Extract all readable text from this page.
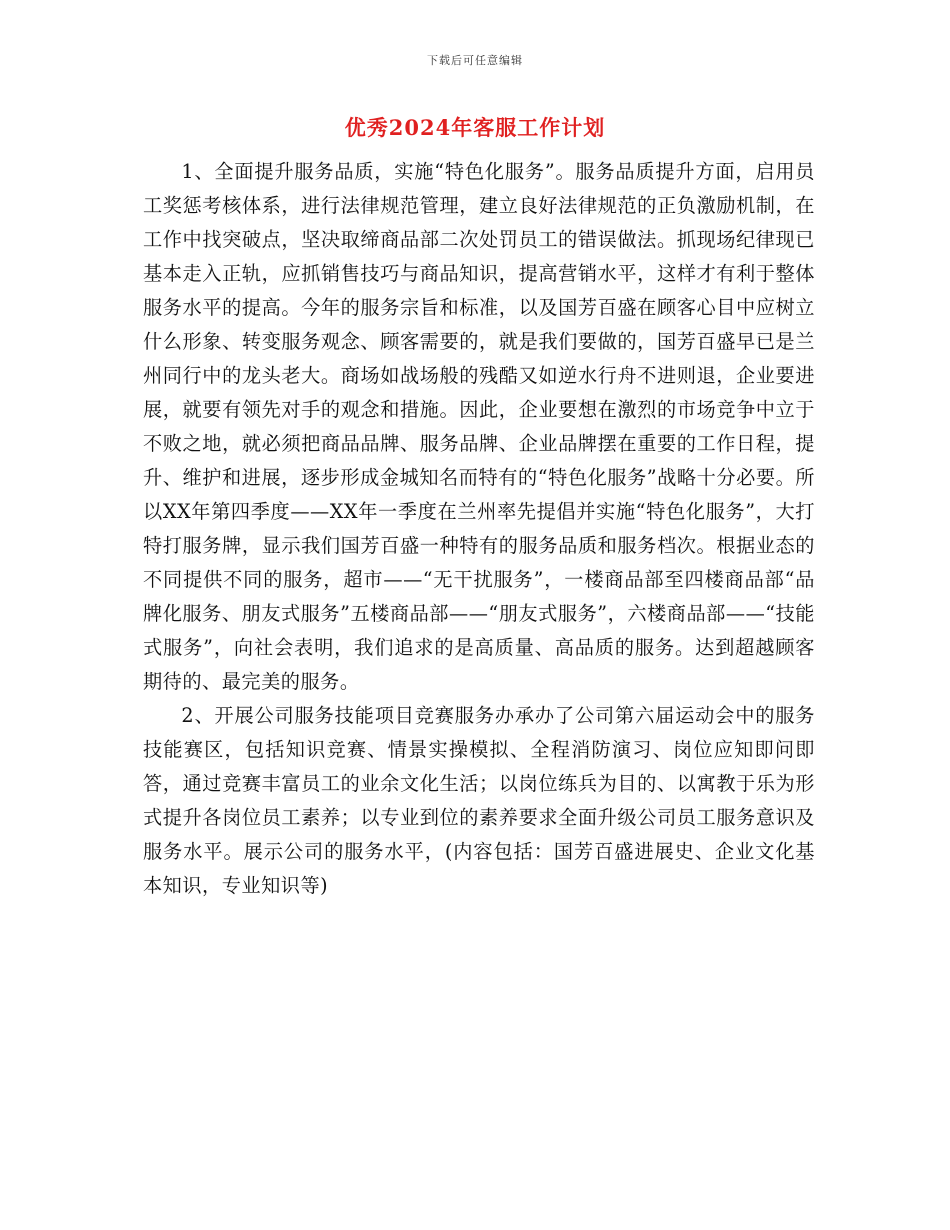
下载后可任意编辑
优秀2024年客服工作计划

1、全面提升服务品质，实施“特色化服务”。服务品质提升方面，启用员工奖惩考核体系，进行法律规范管理，建立良好法律规范的正负激励机制，在工作中找突破点，坚决取缔商品部二次处罚员工的错误做法。抓现场纪律现已基本走入正轨，应抓销售技巧与商品知识，提高营销水平，这样才有利于整体服务水平的提高。今年的服务宗旨和标准，以及国芳百盛在顾客心目中应树立什么形象、转变服务观念、顾客需要的，就是我们要做的，国芳百盛早已是兰州同行中的龙头老大。商场如战场般的残酷又如逆水行舟不进则退，企业要进展，就要有领先对手的观念和措施。因此，企业要想在激烈的市场竞争中立于不败之地，就必须把商品品牌、服务品牌、企业品牌摆在重要的工作日程，提升、维护和进展，逐步形成金城知名而特有的“特色化服务”战略十分必要。所以XX年第四季度——XX年一季度在兰州率先提倡并实施“特色化服务”，大打特打服务牌，显示我们国芳百盛一种特有的服务品质和服务档次。根据业态的不同提供不同的服务，超市——“无干扰服务”，一楼商品部至四楼商品部“品牌化服务、朋友式服务”五楼商品部——“朋友式服务”，六楼商品部——“技能式服务”，向社会表明，我们追求的是高质量、高品质的服务。达到超越顾客期待的、最完美的服务。

2、开展公司服务技能项目竞赛服务办承办了公司第六届运动会中的服务技能赛区，包括知识竞赛、情景实操模拟、全程消防演习、岗位应知即问即答，通过竞赛丰富员工的业余文化生活；以岗位练兵为目的、以寓教于乐为形式提升各岗位员工素养；以专业到位的素养要求全面升级公司员工服务意识及服务水平。展示公司的服务水平，(内容包括：国芳百盛进展史、企业文化基本知识，专业知识等)
